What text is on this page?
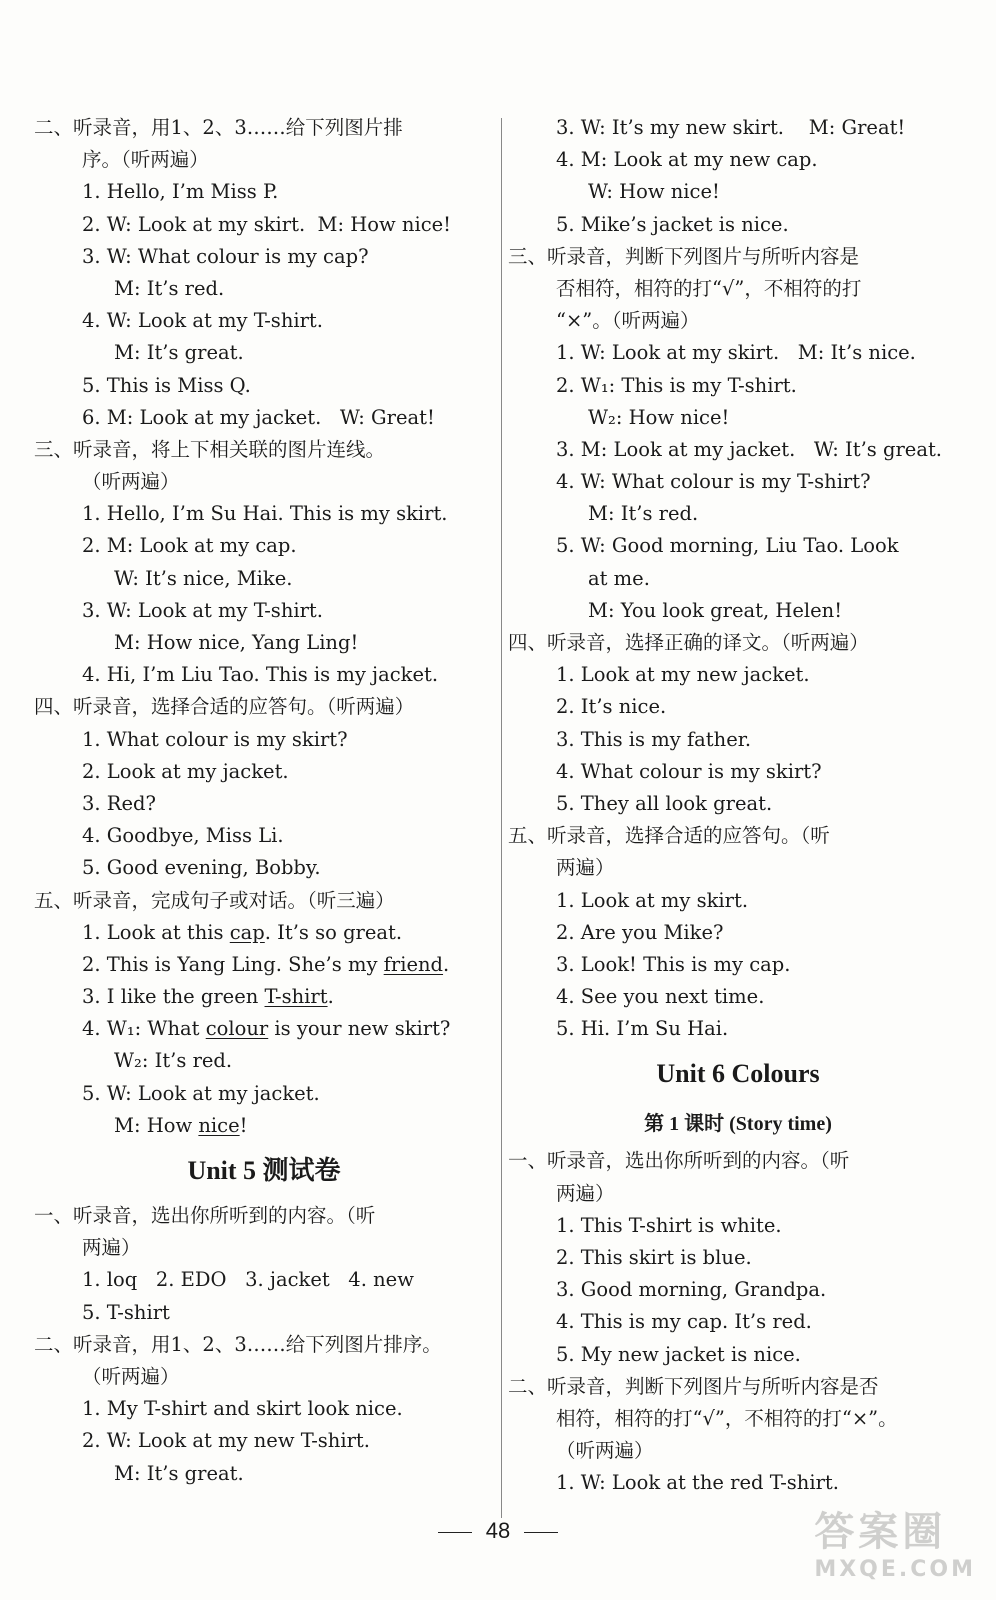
二、听录音，用1、2、3……给下列图片排
序。（听两遍）
1. Hello, I’m Miss P.
2. W: Look at my skirt.  M: How nice!
3. W: What colour is my cap?
M: It’s red.
4. W: Look at my T-shirt.
M: It’s great.
5. This is Miss Q.
6. M: Look at my jacket.   W: Great!
三、听录音，将上下相关联的图片连线。
（听两遍）
1. Hello, I’m Su Hai. This is my skirt.
2. M: Look at my cap.
W: It’s nice, Mike.
3. W: Look at my T-shirt.
M: How nice, Yang Ling!
4. Hi, I’m Liu Tao. This is my jacket.
四、听录音，选择合适的应答句。（听两遍）
1. What colour is my skirt?
2. Look at my jacket.
3. Red?
4. Goodbye, Miss Li.
5. Good evening, Bobby.
五、听录音，完成句子或对话。（听三遍）
1. Look at this cap. It’s so great.
2. This is Yang Ling. She’s my friend.
3. I like the green T-shirt.
4. W₁: What colour is your new skirt?
W₂: It’s red.
5. W: Look at my jacket.
M: How nice!
Unit 5 测试卷
一、听录音，选出你所听到的内容。（听
两遍）
1. loq   2. EDO   3. jacket   4. new
5. T-shirt
二、听录音，用1、2、3……给下列图片排序。
（听两遍）
1. My T-shirt and skirt look nice.
2. W: Look at my new T-shirt.
M: It’s great.
3. W: It’s my new skirt.    M: Great!
4. M: Look at my new cap.
W: How nice!
5. Mike’s jacket is nice.
三、听录音，判断下列图片与所听内容是
否相符，相符的打“√”，不相符的打
“×”。（听两遍）
1. W: Look at my skirt.   M: It’s nice.
2. W₁: This is my T-shirt.
W₂: How nice!
3. M: Look at my jacket.   W: It’s great.
4. W: What colour is my T-shirt?
M: It’s red.
5. W: Good morning, Liu Tao. Look
at me.
M: You look great, Helen!
四、听录音，选择正确的译文。（听两遍）
1. Look at my new jacket.
2. It’s nice.
3. This is my father.
4. What colour is my skirt?
5. They all look great.
五、听录音，选择合适的应答句。（听
两遍）
1. Look at my skirt.
2. Are you Mike?
3. Look! This is my cap.
4. See you next time.
5. Hi. I’m Su Hai.
Unit 6 Colours
第 1 课时 (Story time)
一、听录音，选出你所听到的内容。（听
两遍）
1. This T-shirt is white.
2. This skirt is blue.
3. Good morning, Grandpa.
4. This is my cap. It’s red.
5. My new jacket is nice.
二、听录音，判断下列图片与所听内容是否
相符，相符的打“√”，不相符的打“×”。
（听两遍）
1. W: Look at the red T-shirt.
48	答案圈
MXQE.COM
